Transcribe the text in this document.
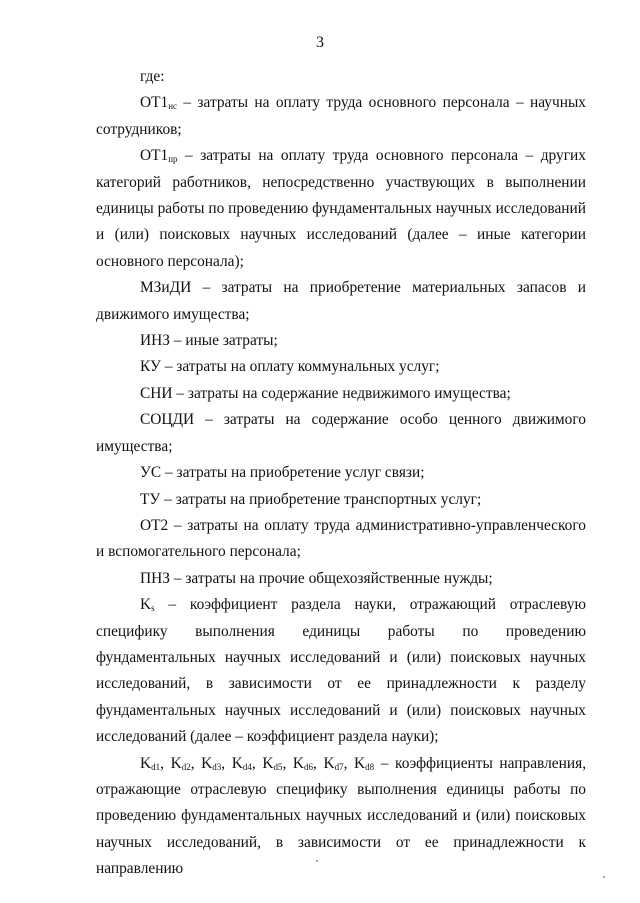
3

где:

$ОТ1_{нс}$ – затраты на оплату труда основного персонала – научных сотрудников;

$ОТ1_{пр}$ – затраты на оплату труда основного персонала – других категорий работников, непосредственно участвующих в выполнении единицы работы по проведению фундаментальных научных исследований и (или) поисковых научных исследований (далее – иные категории основного персонала);

МЗиДИ – затраты на приобретение материальных запасов и движимого имущества;

ИНЗ – иные затраты;

КУ – затраты на оплату коммунальных услуг;

СНИ – затраты на содержание недвижимого имущества;

СОЦДИ – затраты на содержание особо ценного движимого имущества;

УС – затраты на приобретение услуг связи;

ТУ – затраты на приобретение транспортных услуг;

ОТ2 – затраты на оплату труда административно-управленческого и вспомогательного персонала;

ПНЗ – затраты на прочие общехозяйственные нужды;

$K_s$ – коэффициент раздела науки, отражающий отраслевую специфику выполнения единицы работы по проведению фундаментальных научных исследований и (или) поисковых научных исследований, в зависимости от ее принадлежности к разделу фундаментальных научных исследований и (или) поисковых научных исследований (далее – коэффициент раздела науки);

$K_{d1}$, $K_{d2}$, $K_{d3}$, $K_{d4}$, $K_{d5}$, $K_{d6}$, $K_{d7}$, $K_{d8}$ – коэффициенты направления, отражающие отраслевую специфику выполнения единицы работы по проведению фундаментальных научных исследований и (или) поисковых научных исследований, в зависимости от ее принадлежности к направлению
